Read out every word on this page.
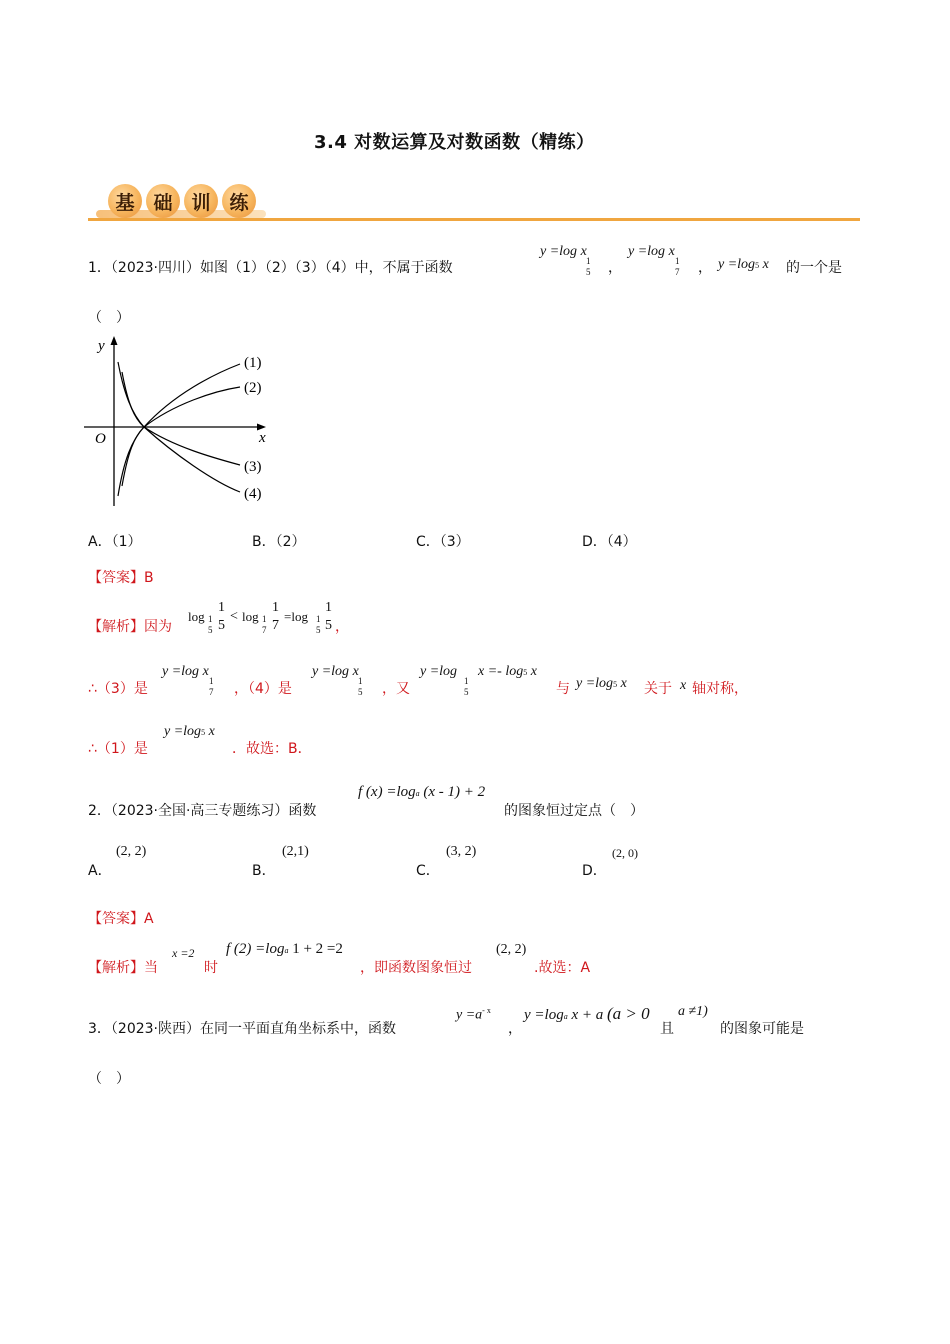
3.4 对数运算及对数函数（精练）
基 础 训 练
1．（2023·四川）如图（1）（2）（3）（4）中，不属于函数
y =log x
1
5 ，
y =log x
1
7 ， y =log5 x 的一个是
（　）
y
x
O
(1)
(2)
(3)
(4)
A．（1）	B．（2）	C．（3）	D．（4）
【答案】B
【解析】因为
log 1
5
1
5
< log 1
7
1
7
=log 1
5
1
5 ，
∴（3）是
y =log x
1
7 ，（4）是
y =log x
1
5 ，又
y =log
1
5
x =- log5 x
与 y =log5 x 关于 x 轴对称，
∴（1）是
y =log5 x
．故选：B．
2．（2023·全国·高三专题练习）函数
f (x) =loga (x - 1) + 2
的图象恒过定点（　）
A．
(2, 2)
B．
(2,1)
C．
(3, 2)
D．
(2, 0)
【答案】A
【解析】当
x =2
时
f (2) =loga 1 + 2 =2
，即函数图象恒过
(2, 2)
.故选：A
3．（2023·陕西）在同一平面直角坐标系中，函数
$y =a^{- x}$
，
y =loga x + a (a > 0
且
a ≠1)
的图象可能是
（　）
